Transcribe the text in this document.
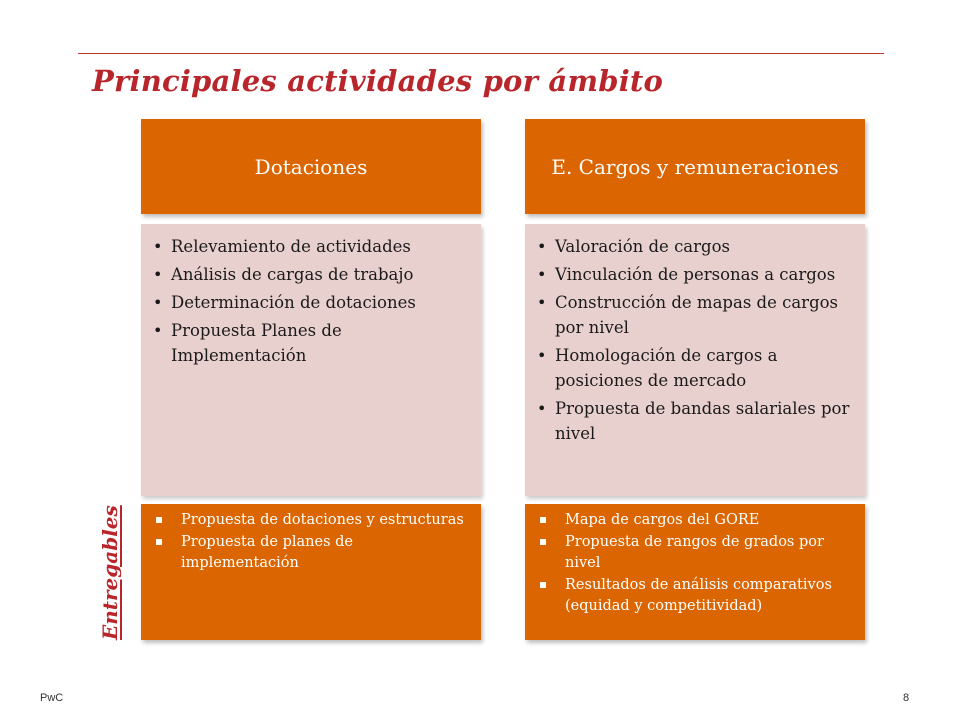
Principales actividades por ámbito
Dotaciones
• Relevamiento de actividades
• Análisis de cargas de trabajo
• Determinación de dotaciones
• Propuesta Planes de Implementación
Propuesta de dotaciones y estructuras
Propuesta de planes de implementación
E. Cargos y remuneraciones
• Valoración de cargos
• Vinculación de personas a cargos
• Construcción de mapas de cargos por nivel
• Homologación de cargos a posiciones de mercado
• Propuesta de bandas salariales por nivel
Mapa de cargos del GORE
Propuesta de rangos de grados por nivel
Resultados de análisis comparativos (equidad y competitividad)
Entregables
PwC	8
